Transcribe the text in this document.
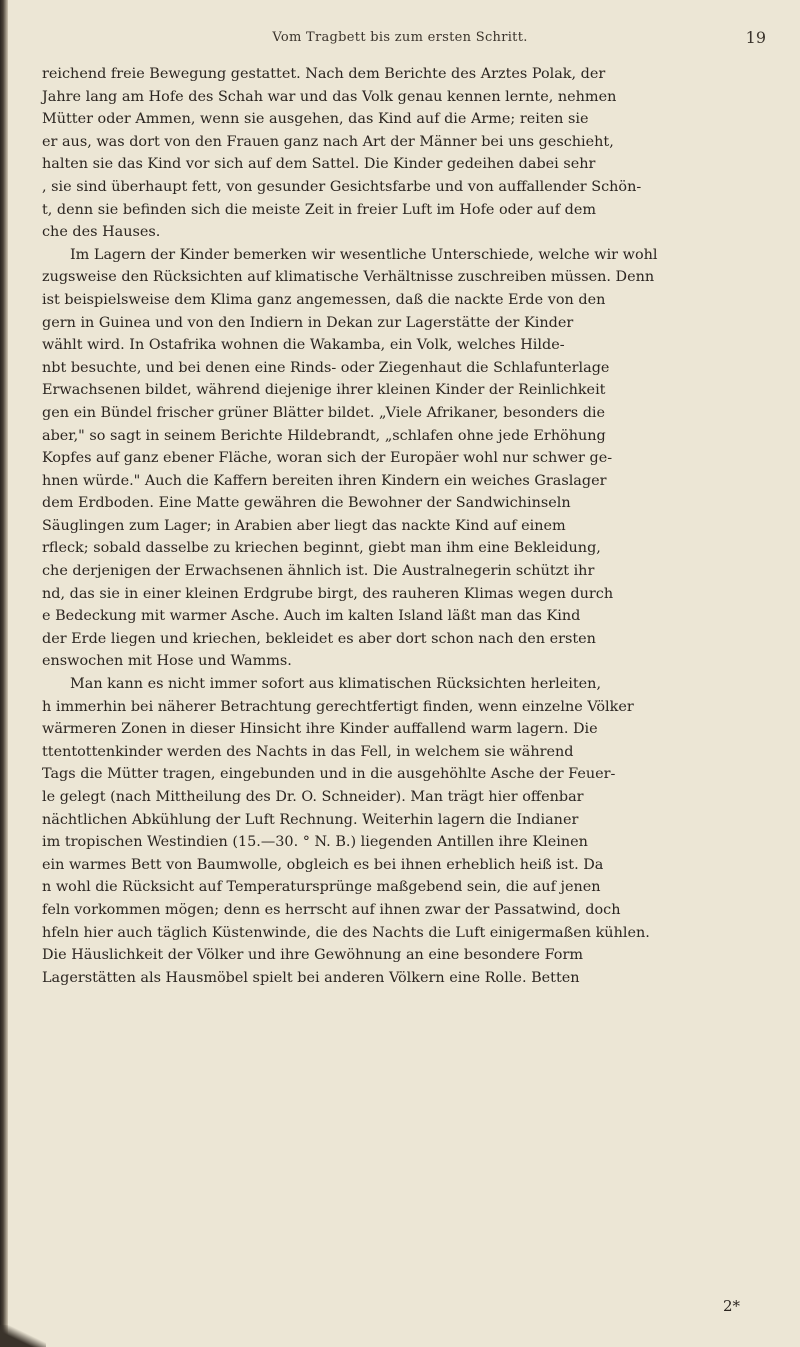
Vom Tragbett bis zum ersten Schritt.	19

reichend freie Bewegung gestattet. Nach dem Berichte des Arztes Polak, der
Jahre lang am Hofe des Schah war und das Volk genau kennen lernte, nehmen
Mütter oder Ammen, wenn sie ausgehen, das Kind auf die Arme; reiten sie
er aus, was dort von den Frauen ganz nach Art der Männer bei uns geschieht,
halten sie das Kind vor sich auf dem Sattel. Die Kinder gedeihen dabei sehr
, sie sind überhaupt fett, von gesunder Gesichtsfarbe und von auffallender Schön-
t, denn sie befinden sich die meiste Zeit in freier Luft im Hofe oder auf dem
che des Hauses.

Im Lagern der Kinder bemerken wir wesentliche Unterschiede, welche wir wohl
zugsweise den Rücksichten auf klimatische Verhältnisse zuschreiben müssen. Denn
ist beispielsweise dem Klima ganz angemessen, daß die nackte Erde von den
gern in Guinea und von den Indiern in Dekan zur Lagerstätte der Kinder
wählt wird. In Ostafrika wohnen die Wakamba, ein Volk, welches Hilde-
nbt besuchte, und bei denen eine Rinds- oder Ziegenhaut die Schlafunterlage
Erwachsenen bildet, während diejenige ihrer kleinen Kinder der Reinlichkeit
gen ein Bündel frischer grüner Blätter bildet. „Viele Afrikaner, besonders die
aber," so sagt in seinem Berichte Hildebrandt, „schlafen ohne jede Erhöhung
Kopfes auf ganz ebener Fläche, woran sich der Europäer wohl nur schwer ge-
hnen würde." Auch die Kaffern bereiten ihren Kindern ein weiches Graslager
dem Erdboden. Eine Matte gewähren die Bewohner der Sandwichinseln
Säuglingen zum Lager; in Arabien aber liegt das nackte Kind auf einem
rfleck; sobald dasselbe zu kriechen beginnt, giebt man ihm eine Bekleidung,
che derjenigen der Erwachsenen ähnlich ist. Die Australnegerin schützt ihr
nd, das sie in einer kleinen Erdgrube birgt, des rauheren Klimas wegen durch
e Bedeckung mit warmer Asche. Auch im kalten Island läßt man das Kind
der Erde liegen und kriechen, bekleidet es aber dort schon nach den ersten
enswochen mit Hose und Wamms.

Man kann es nicht immer sofort aus klimatischen Rücksichten herleiten,
h immerhin bei näherer Betrachtung gerechtfertigt finden, wenn einzelne Völker
wärmeren Zonen in dieser Hinsicht ihre Kinder auffallend warm lagern. Die
ttentottenkinder werden des Nachts in das Fell, in welchem sie während
Tags die Mütter tragen, eingebunden und in die ausgehöhlte Asche der Feuer-
le gelegt (nach Mittheilung des Dr. O. Schneider). Man trägt hier offenbar
nächtlichen Abkühlung der Luft Rechnung. Weiterhin lagern die Indianer
im tropischen Westindien (15.—30. ° N. B.) liegenden Antillen ihre Kleinen
ein warmes Bett von Baumwolle, obgleich es bei ihnen erheblich heiß ist. Da
n wohl die Rücksicht auf Temperatursprünge maßgebend sein, die auf jenen
feln vorkommen mögen; denn es herrscht auf ihnen zwar der Passatwind, doch
hfeln hier auch täglich Küstenwinde, die des Nachts die Luft einigermaßen kühlen.
Die Häuslichkeit der Völker und ihre Gewöhnung an eine besondere Form
Lagerstätten als Hausmöbel spielt bei anderen Völkern eine Rolle. Betten

2*
